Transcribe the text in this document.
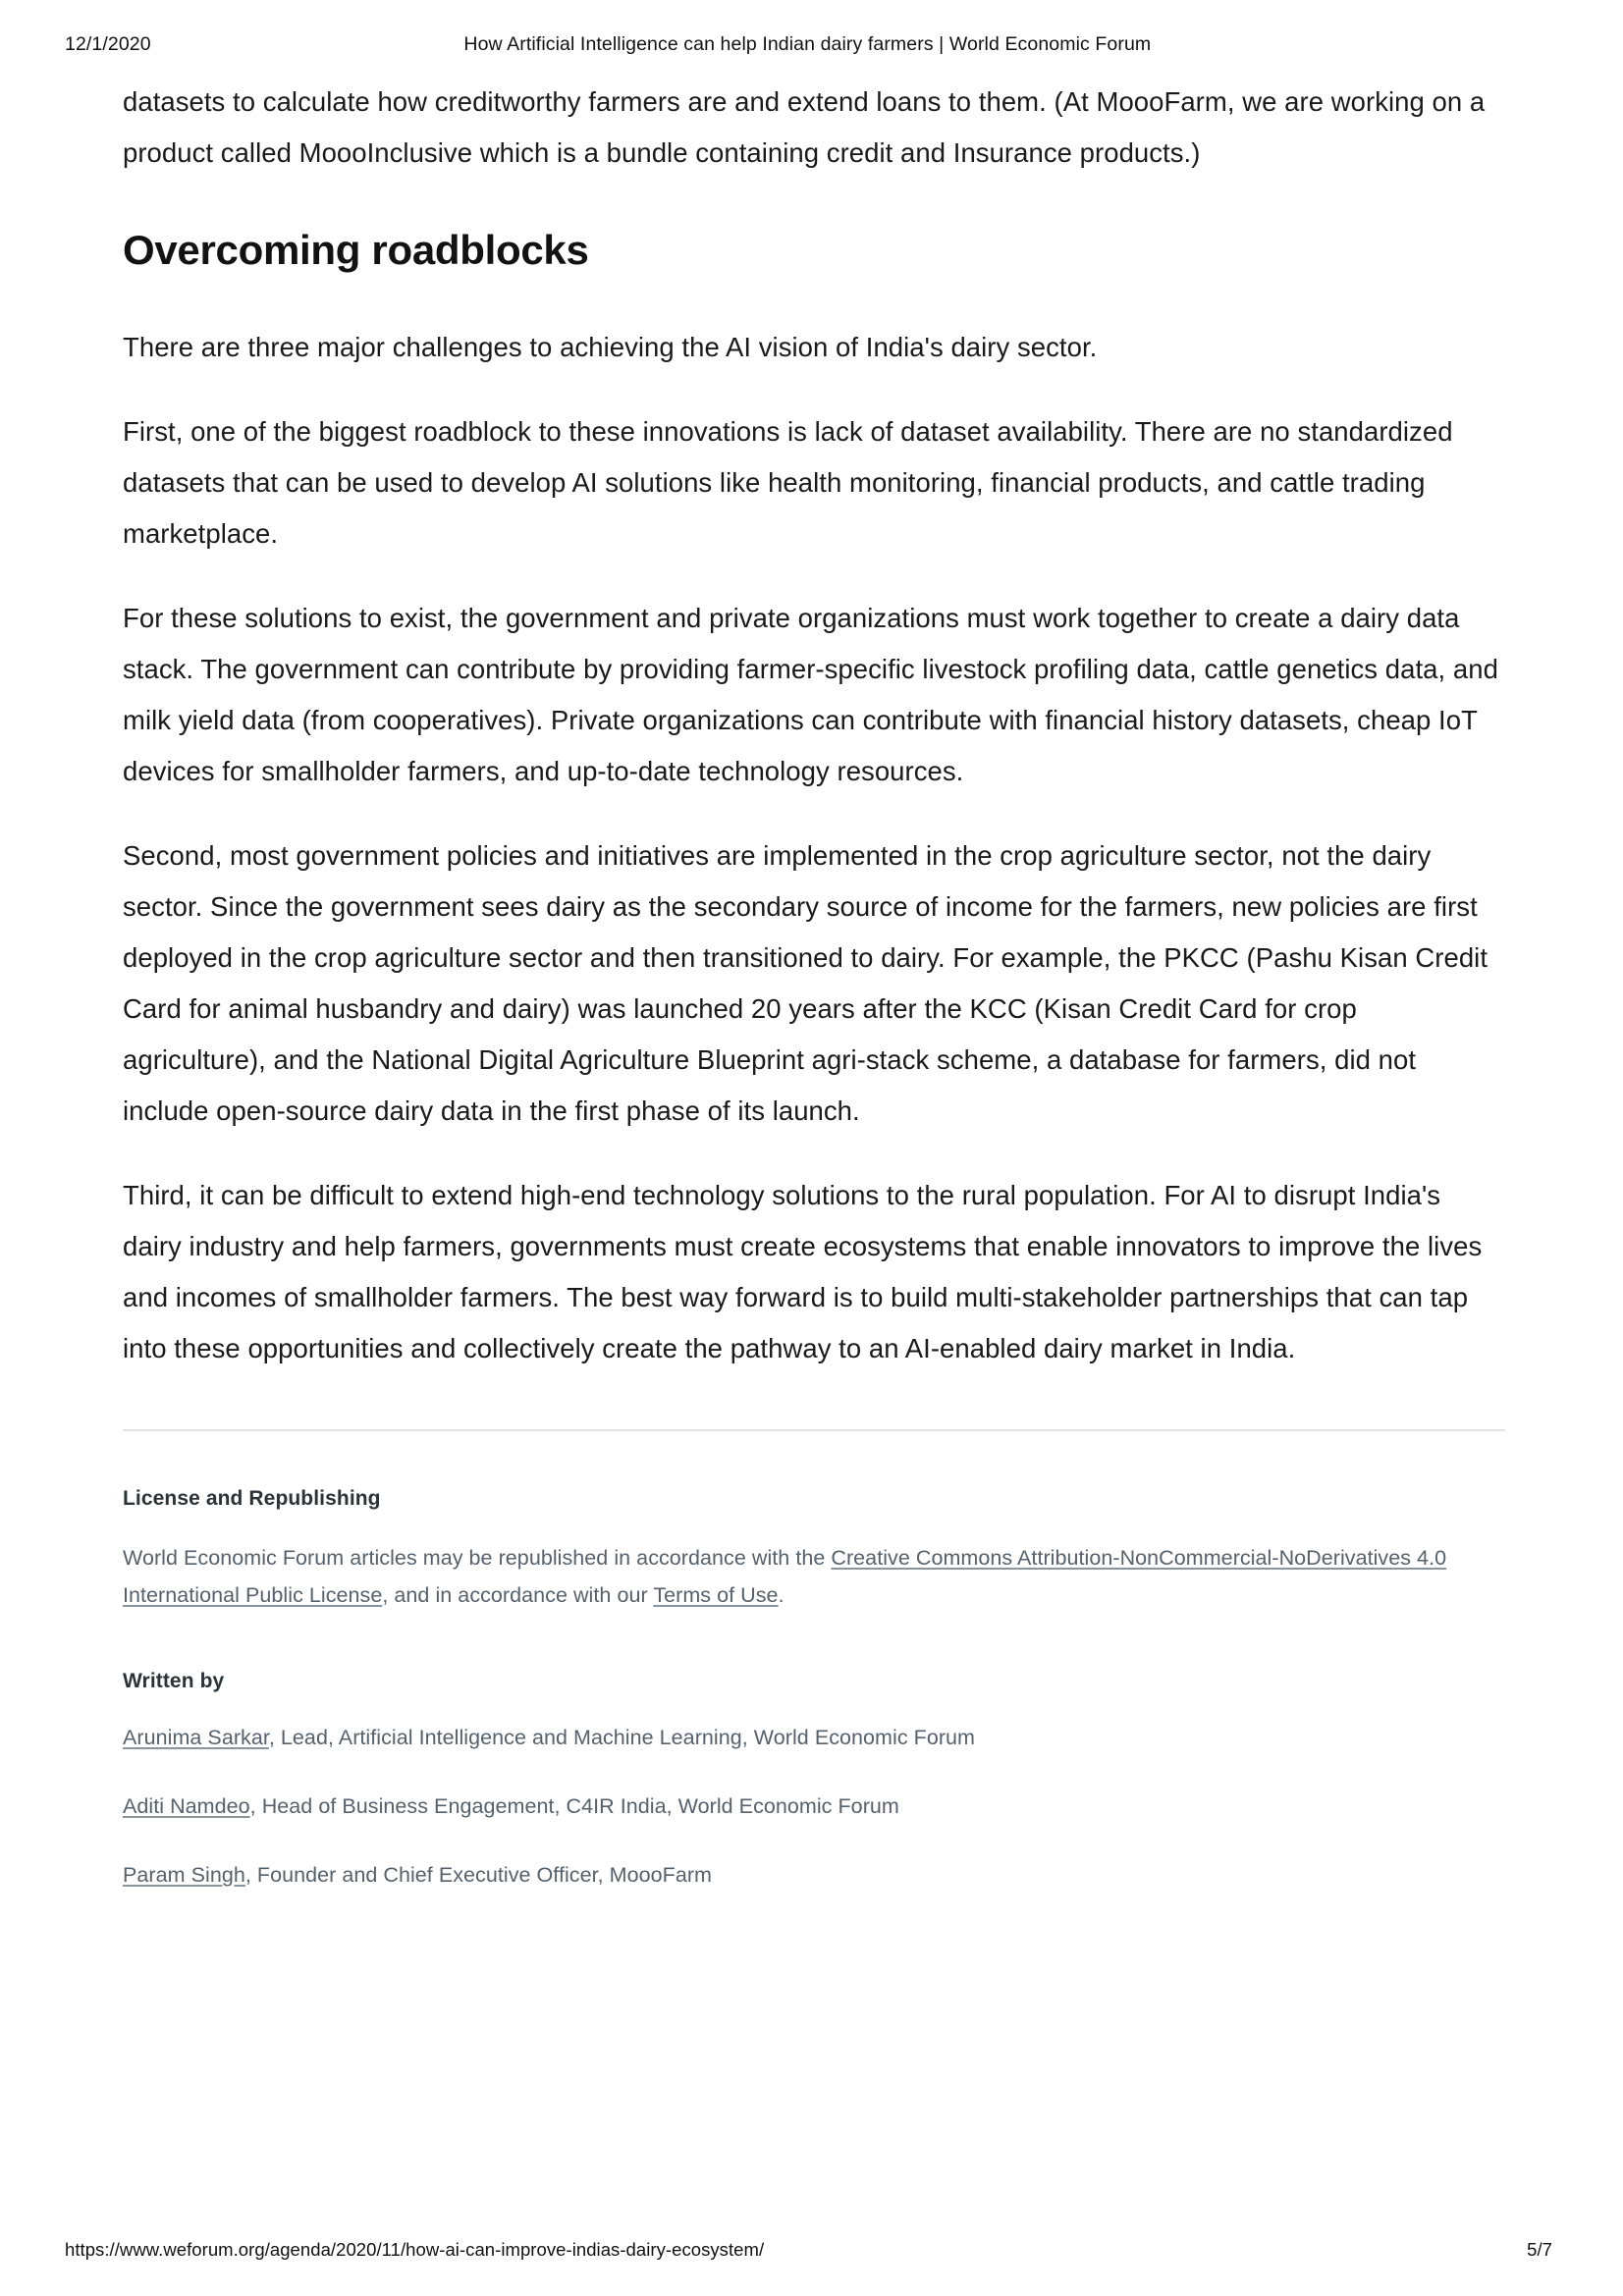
12/1/2020	How Artificial Intelligence can help Indian dairy farmers | World Economic Forum

datasets to calculate how creditworthy farmers are and extend loans to them. (At MoooFarm, we are working on a product called MoooInclusive which is a bundle containing credit and Insurance products.)

Overcoming roadblocks

There are three major challenges to achieving the AI vision of India's dairy sector.

First, one of the biggest roadblock to these innovations is lack of dataset availability. There are no standardized datasets that can be used to develop AI solutions like health monitoring, financial products, and cattle trading marketplace.

For these solutions to exist, the government and private organizations must work together to create a dairy data stack. The government can contribute by providing farmer-specific livestock profiling data, cattle genetics data, and milk yield data (from cooperatives). Private organizations can contribute with financial history datasets, cheap IoT devices for smallholder farmers, and up-to-date technology resources.

Second, most government policies and initiatives are implemented in the crop agriculture sector, not the dairy sector. Since the government sees dairy as the secondary source of income for the farmers, new policies are first deployed in the crop agriculture sector and then transitioned to dairy. For example, the PKCC (Pashu Kisan Credit Card for animal husbandry and dairy) was launched 20 years after the KCC (Kisan Credit Card for crop agriculture), and the National Digital Agriculture Blueprint agri-stack scheme, a database for farmers, did not include open-source dairy data in the first phase of its launch.

Third, it can be difficult to extend high-end technology solutions to the rural population. For AI to disrupt India's dairy industry and help farmers, governments must create ecosystems that enable innovators to improve the lives and incomes of smallholder farmers. The best way forward is to build multi-stakeholder partnerships that can tap into these opportunities and collectively create the pathway to an AI-enabled dairy market in India.

License and Republishing

World Economic Forum articles may be republished in accordance with the Creative Commons Attribution-NonCommercial-NoDerivatives 4.0 International Public License, and in accordance with our Terms of Use.

Written by

Arunima Sarkar, Lead, Artificial Intelligence and Machine Learning, World Economic Forum

Aditi Namdeo, Head of Business Engagement, C4IR India, World Economic Forum

Param Singh, Founder and Chief Executive Officer, MoooFarm

https://www.weforum.org/agenda/2020/11/how-ai-can-improve-indias-dairy-ecosystem/	5/7
